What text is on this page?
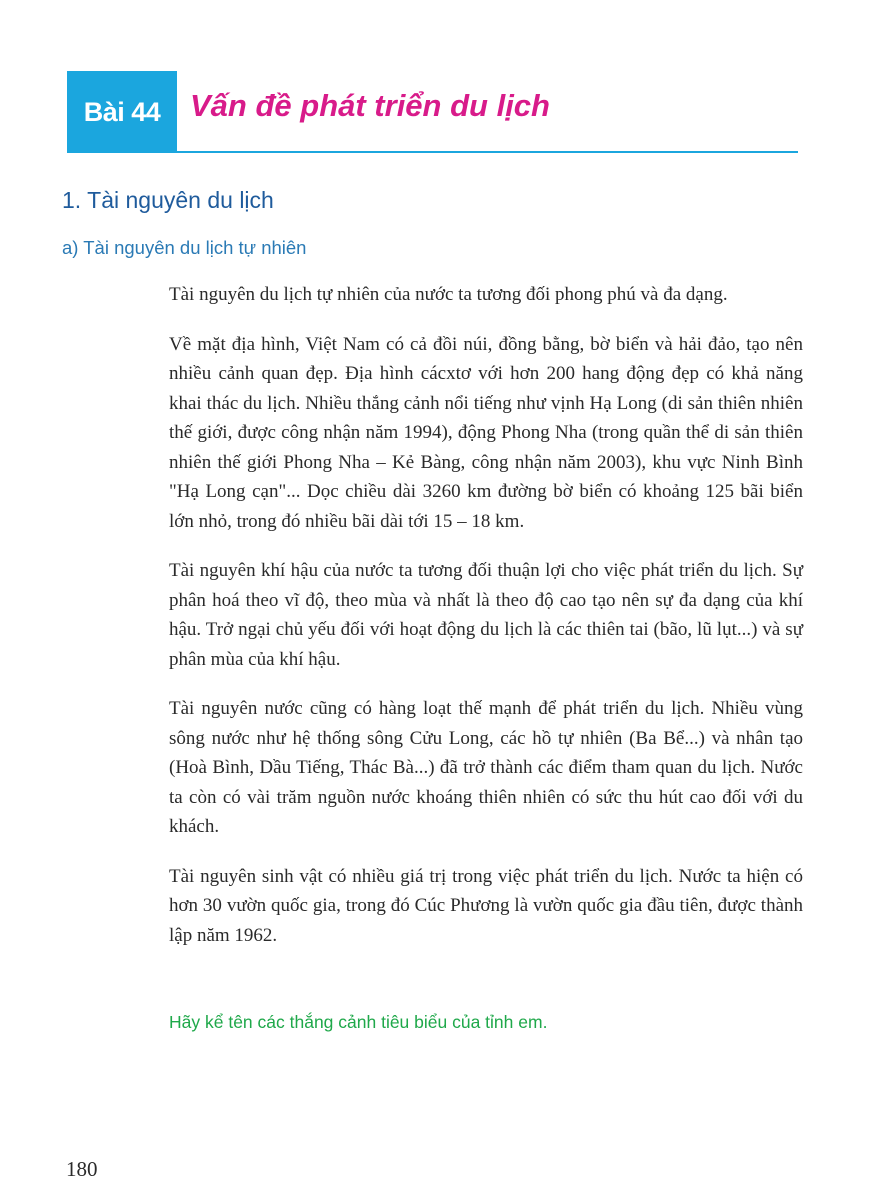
Bài 44 Vấn đề phát triển du lịch
1. Tài nguyên du lịch
a) Tài nguyên du lịch tự nhiên

Tài nguyên du lịch tự nhiên của nước ta tương đối phong phú và đa dạng.

Về mặt địa hình, Việt Nam có cả đồi núi, đồng bằng, bờ biển và hải đảo, tạo nên nhiều cảnh quan đẹp. Địa hình cácxtơ với hơn 200 hang động đẹp có khả năng khai thác du lịch. Nhiều thắng cảnh nổi tiếng như vịnh Hạ Long (di sản thiên nhiên thế giới, được công nhận năm 1994), động Phong Nha (trong quần thể di sản thiên nhiên thế giới Phong Nha – Kẻ Bàng, công nhận năm 2003), khu vực Ninh Bình "Hạ Long cạn"... Dọc chiều dài 3260 km đường bờ biển có khoảng 125 bãi biển lớn nhỏ, trong đó nhiều bãi dài tới 15 – 18 km.

Tài nguyên khí hậu của nước ta tương đối thuận lợi cho việc phát triển du lịch. Sự phân hoá theo vĩ độ, theo mùa và nhất là theo độ cao tạo nên sự đa dạng của khí hậu. Trở ngại chủ yếu đối với hoạt động du lịch là các thiên tai (bão, lũ lụt...) và sự phân mùa của khí hậu.

Tài nguyên nước cũng có hàng loạt thế mạnh để phát triển du lịch. Nhiều vùng sông nước như hệ thống sông Cửu Long, các hồ tự nhiên (Ba Bể...) và nhân tạo (Hoà Bình, Dầu Tiếng, Thác Bà...) đã trở thành các điểm tham quan du lịch. Nước ta còn có vài trăm nguồn nước khoáng thiên nhiên có sức thu hút cao đối với du khách.

Tài nguyên sinh vật có nhiều giá trị trong việc phát triển du lịch. Nước ta hiện có hơn 30 vườn quốc gia, trong đó Cúc Phương là vườn quốc gia đầu tiên, được thành lập năm 1962.

Hãy kể tên các thắng cảnh tiêu biểu của tỉnh em.
180
